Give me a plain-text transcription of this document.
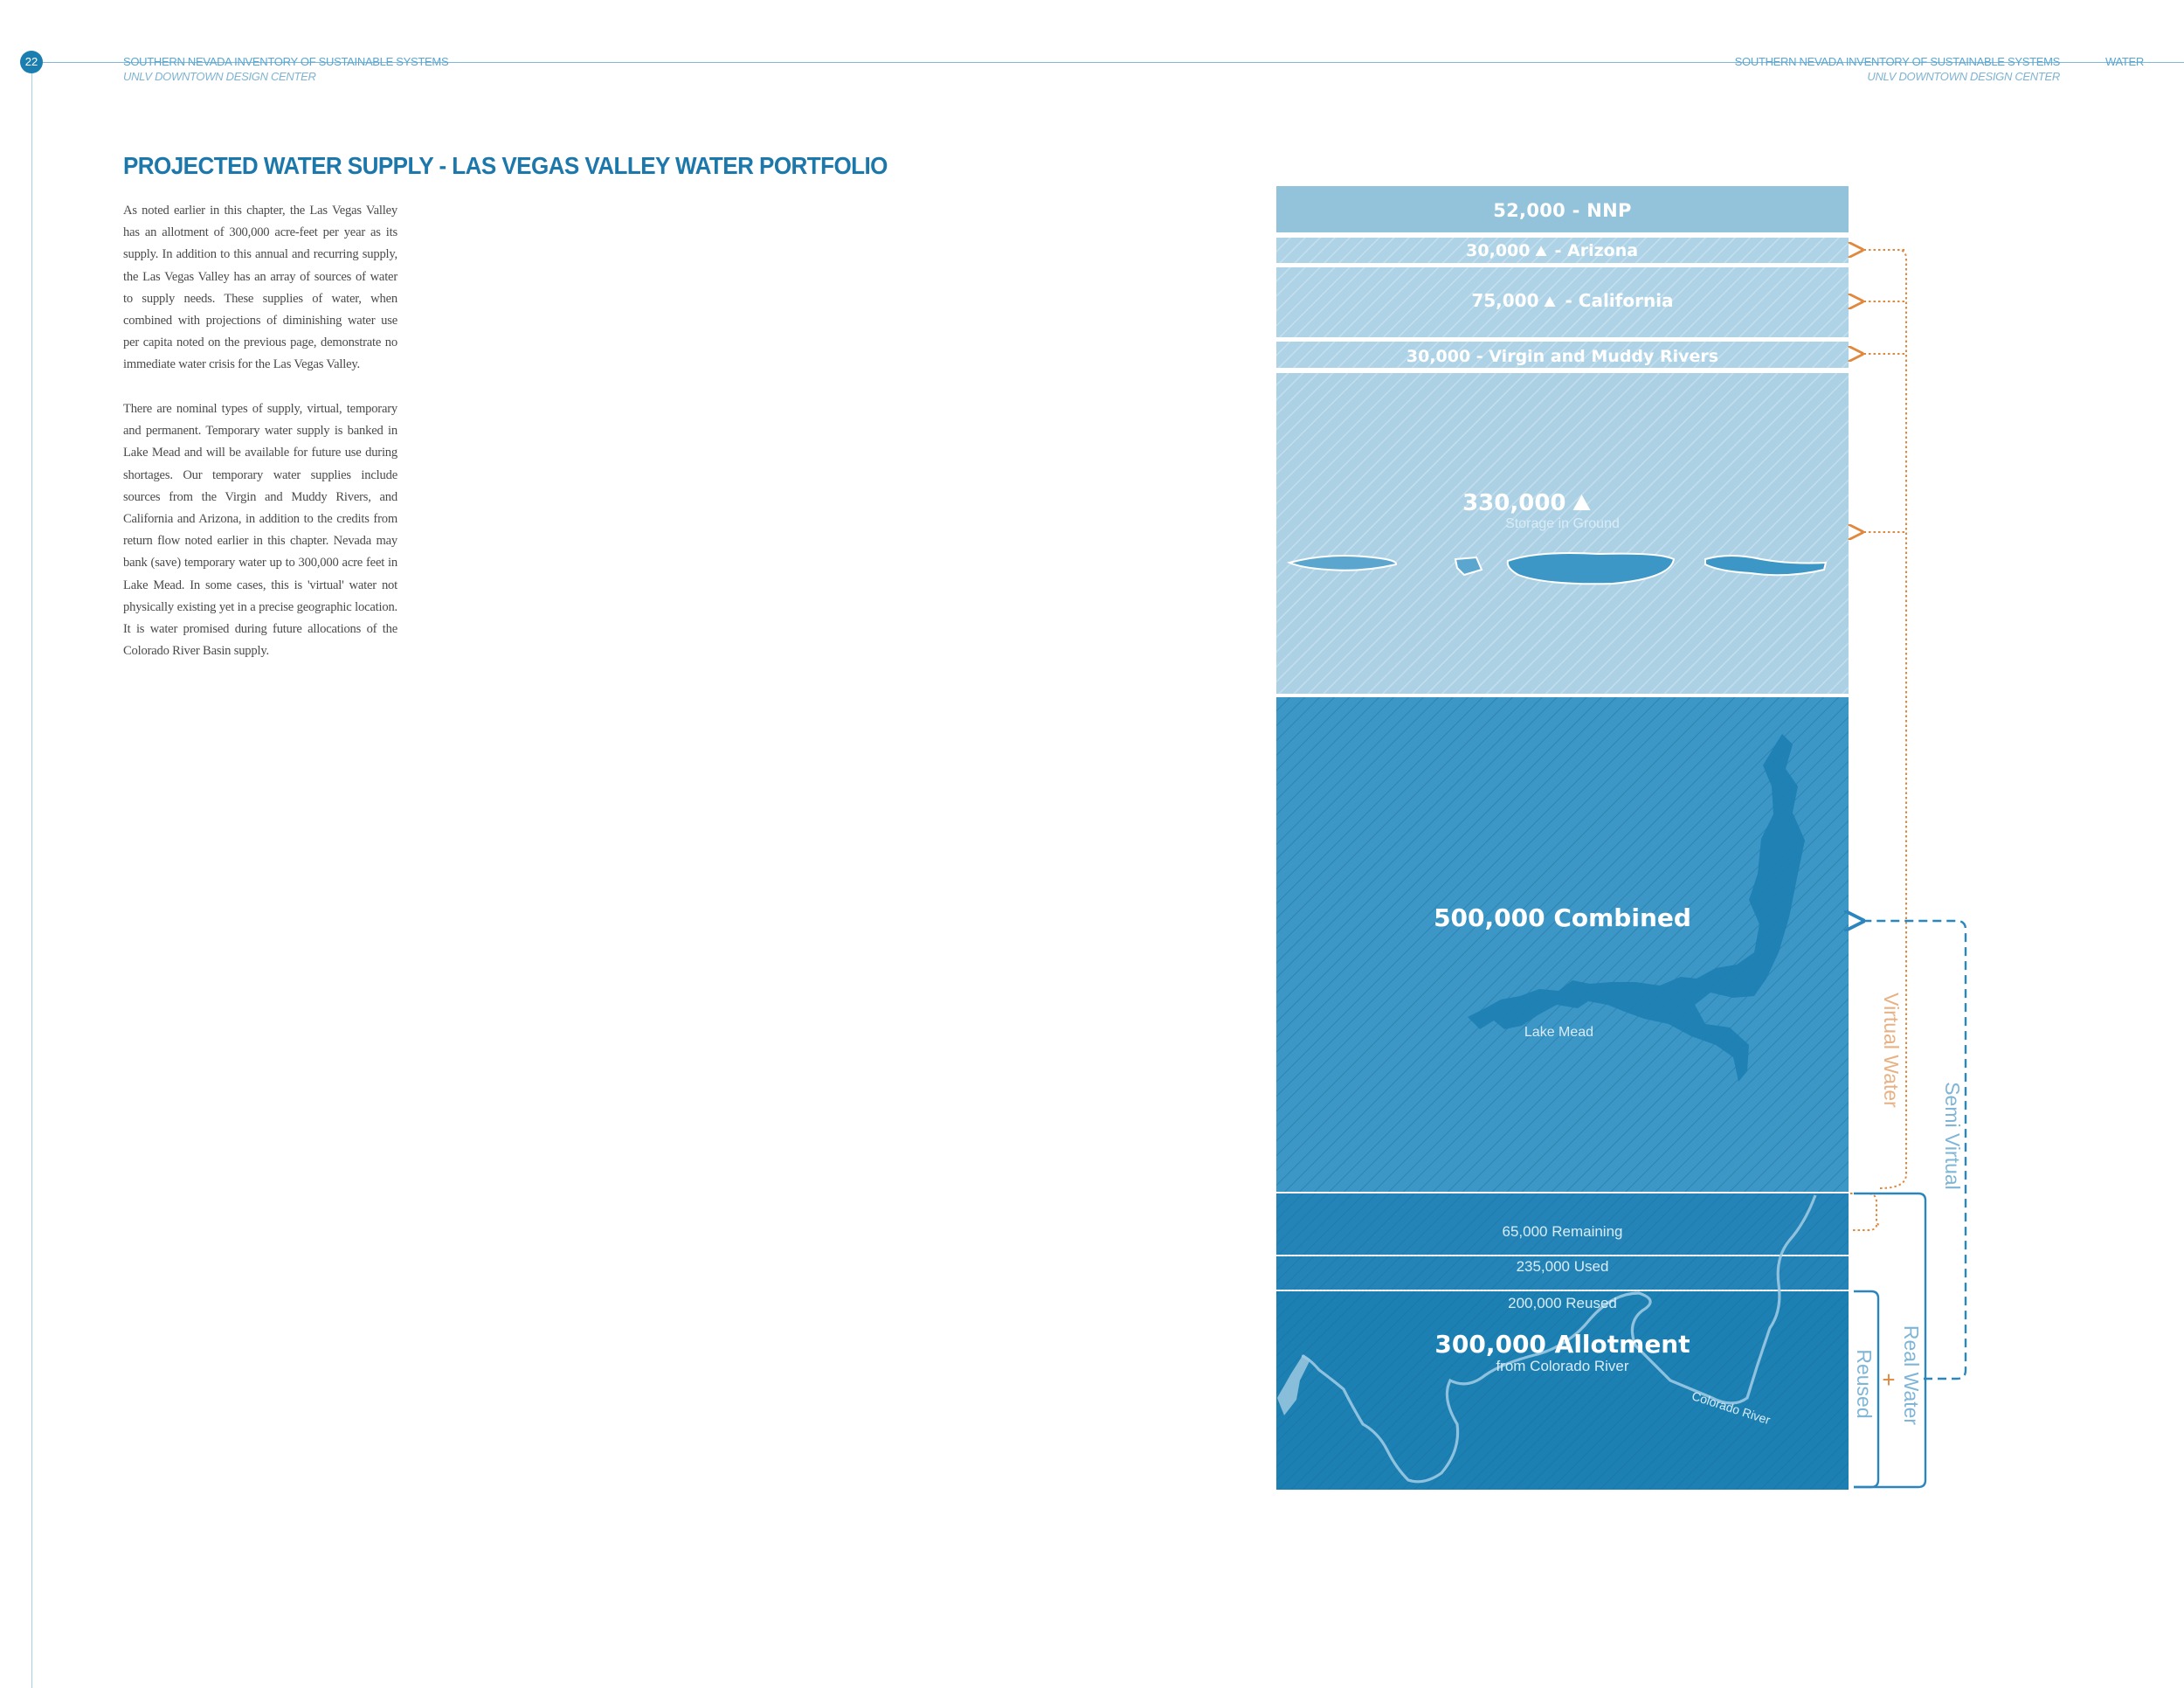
22	SOUTHERN NEVADA INVENTORY OF SUSTAINABLE SYSTEMS
UNLV DOWNTOWN DESIGN CENTER
SOUTHERN NEVADA INVENTORY OF SUSTAINABLE SYSTEMS
UNLV DOWNTOWN DESIGN CENTER
WATER
PROJECTED WATER SUPPLY - LAS VEGAS VALLEY WATER PORTFOLIO
As noted earlier in this chapter, the Las Vegas Valley has an allotment of 300,000 acre-feet per year as its supply. In addition to this annual and recurring supply, the Las Vegas Valley has an array of sources of water to supply needs. These supplies of water, when combined with projections of diminishing water use per capita noted on the previous page, demonstrate no immediate water crisis for the Las Vegas Valley.
There are nominal types of supply, virtual, temporary and permanent. Temporary water supply is banked in Lake Mead and will be available for future use during shortages. Our temporary water supplies include sources from the Virgin and Muddy Rivers, and California and Arizona, in addition to the credits from return flow noted earlier in this chapter. Nevada may bank (save) temporary water up to 300,000 acre feet in Lake Mead. In some cases, this is 'virtual' water not physically existing yet in a precise geographic location. It is water promised during future allocations of the Colorado River Basin supply.
52,000 - NNP
30,000 - Arizona
75,000 - California
30,000 - Virgin and Muddy Rivers
330,000
Storage in Ground
500,000 Combined
Lake Mead
65,000 Remaining
235,000 Used
200,000 Reused
300,000 Allotment
from Colorado River
Colorado River
Virtual Water
Semi Virtual
Real Water
+
Reused
